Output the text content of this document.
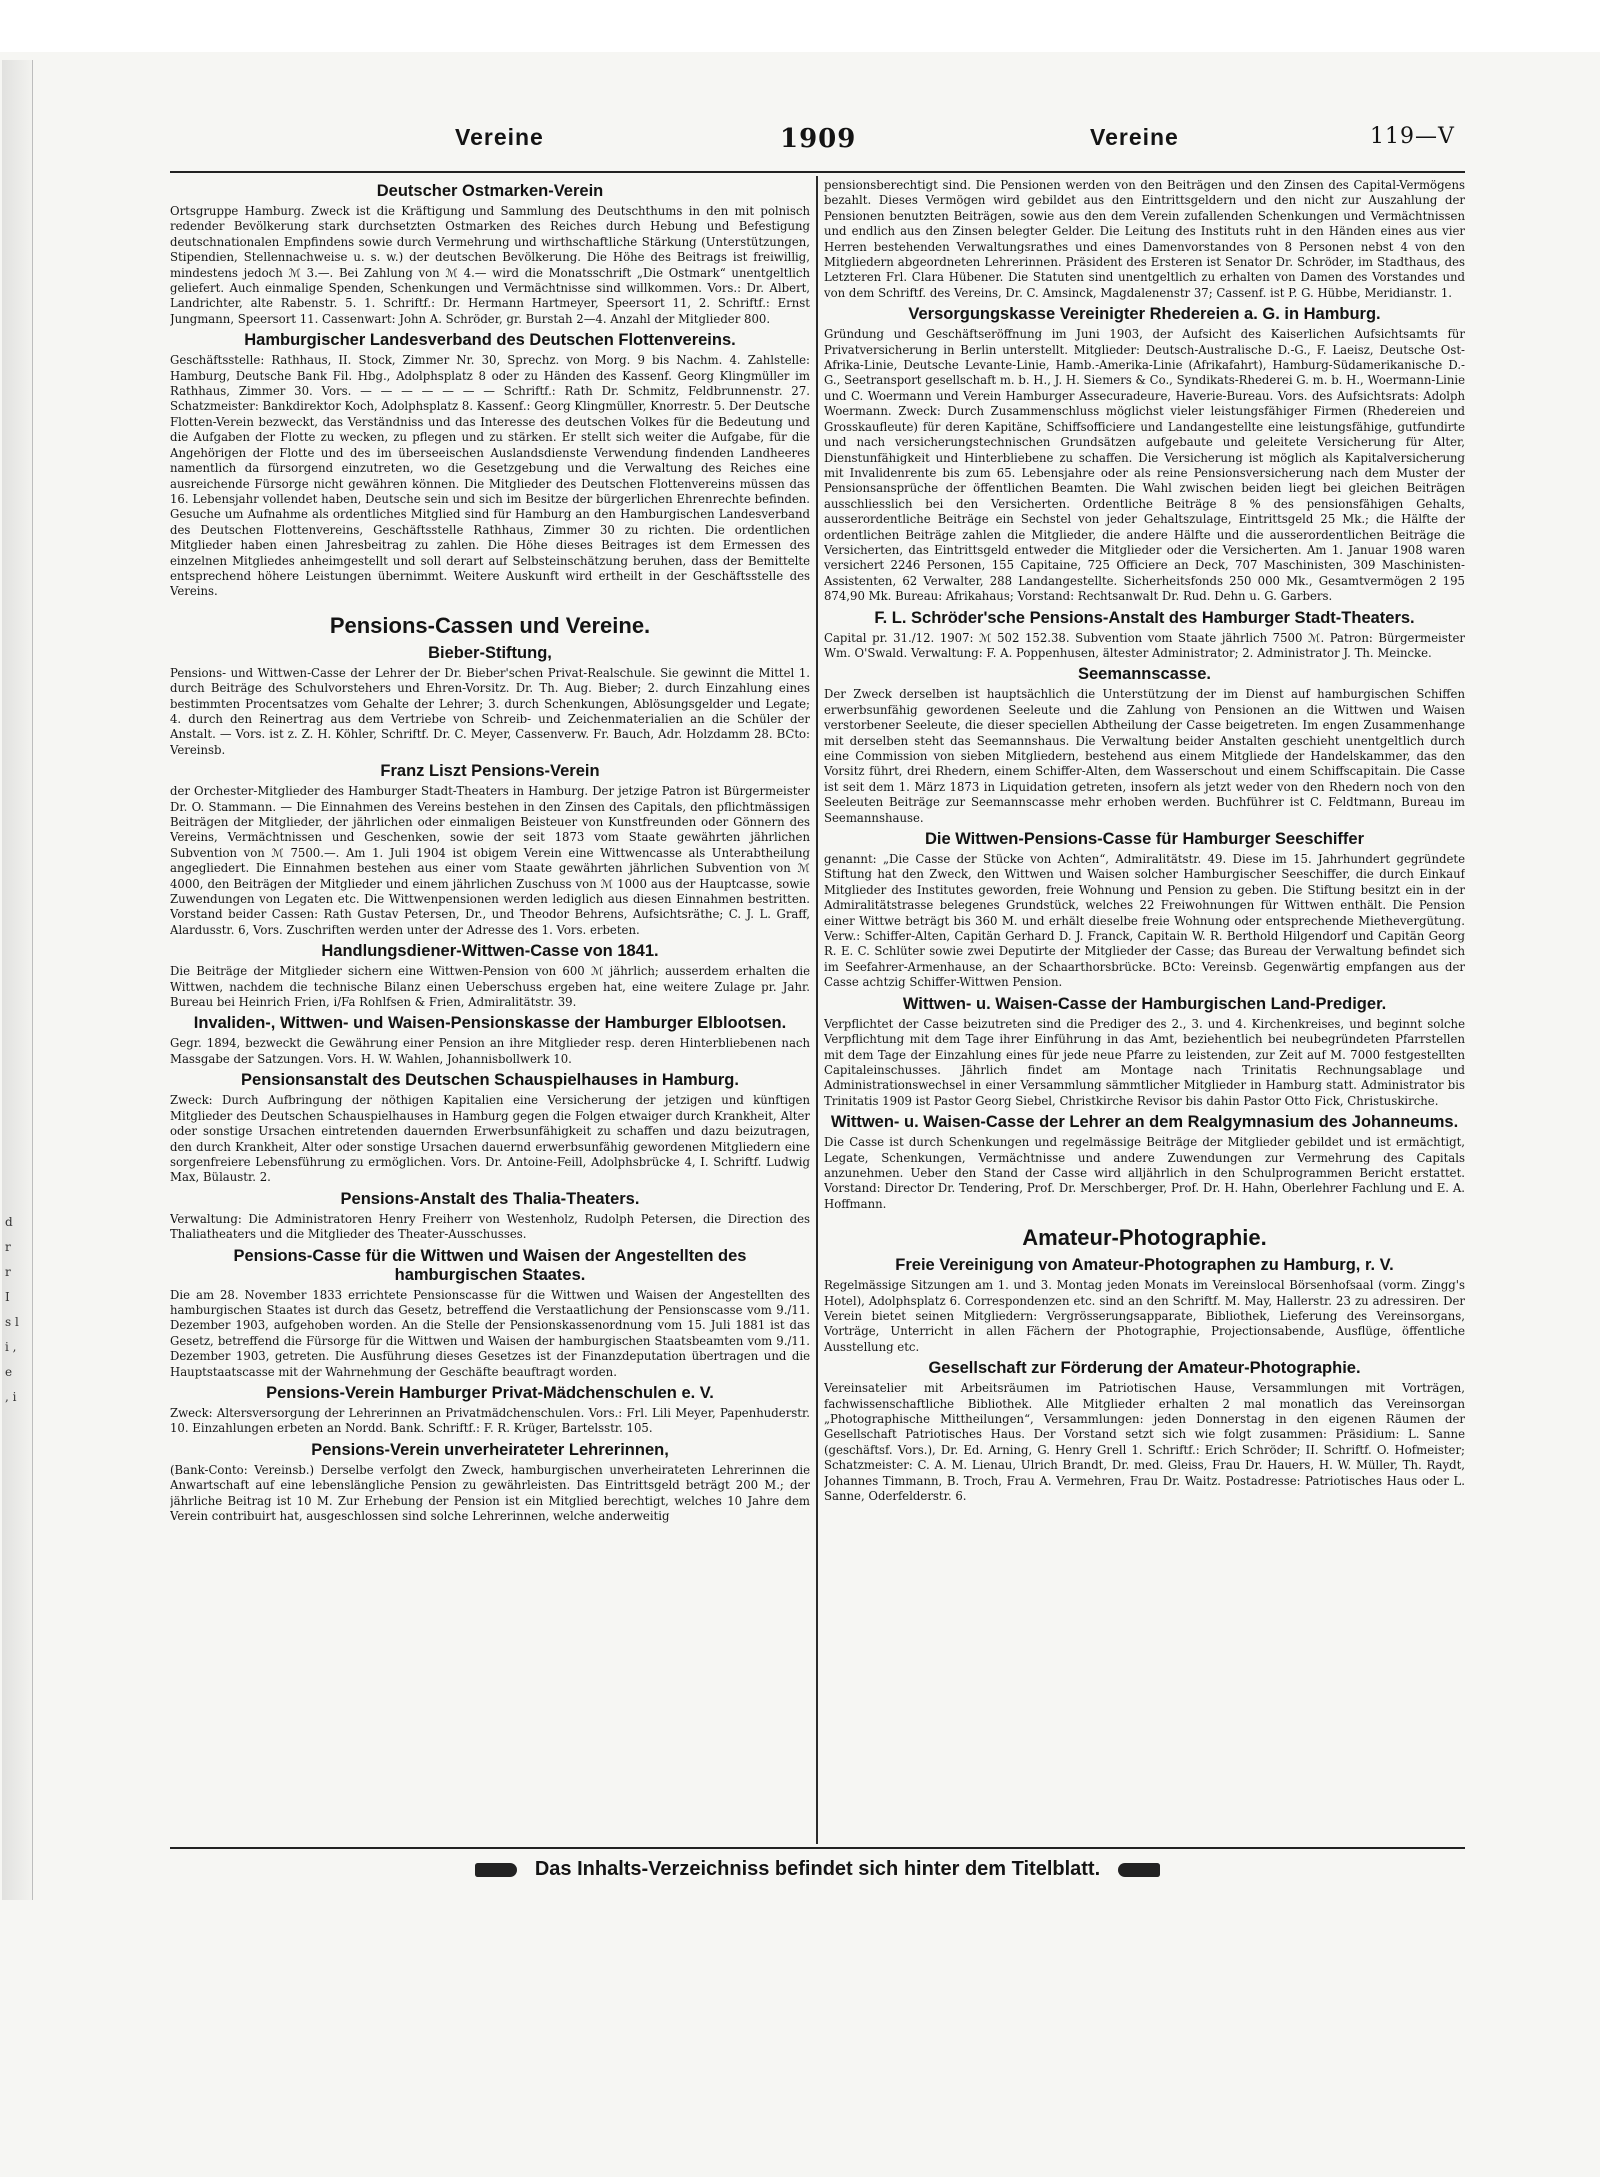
d r r I s l i , e , i
Vereine	1909	Vereine	119—V
Deutscher Ostmarken-Verein

Ortsgruppe Hamburg. Zweck ist die Kräftigung und Sammlung des Deutschthums in den mit polnisch redender Bevölkerung stark durchsetzten Ostmarken des Reiches durch Hebung und Befestigung deutschnationalen Empfindens sowie durch Vermehrung und wirthschaftliche Stärkung (Unterstützungen, Stipendien, Stellennachweise u. s. w.) der deutschen Bevölkerung. Die Höhe des Beitrags ist freiwillig, mindestens jedoch ℳ 3.—. Bei Zahlung von ℳ 4.— wird die Monatsschrift „Die Ostmark“ unentgeltlich geliefert. Auch einmalige Spenden, Schenkungen und Vermächtnisse sind willkommen. Vors.: Dr. Albert, Landrichter, alte Rabenstr. 5. 1. Schriftf.: Dr. Hermann Hartmeyer, Speersort 11, 2. Schriftf.: Ernst Jungmann, Speersort 11. Cassenwart: John A. Schröder, gr. Burstah 2—4. Anzahl der Mitglieder 800.

Hamburgischer Landesverband des Deutschen Flottenvereins.

Geschäftsstelle: Rathhaus, II. Stock, Zimmer Nr. 30, Sprechz. von Morg. 9 bis Nachm. 4. Zahlstelle: Hamburg, Deutsche Bank Fil. Hbg., Adolphsplatz 8 oder zu Händen des Kassenf. Georg Klingmüller im Rathhaus, Zimmer 30. Vors. — — — — — — — Schriftf.: Rath Dr. Schmitz, Feldbrunnenstr. 27. Schatzmeister: Bankdirektor Koch, Adolphsplatz 8. Kassenf.: Georg Klingmüller, Knorrestr. 5. Der Deutsche Flotten-Verein bezweckt, das Verständniss und das Interesse des deutschen Volkes für die Bedeutung und die Aufgaben der Flotte zu wecken, zu pflegen und zu stärken. Er stellt sich weiter die Aufgabe, für die Angehörigen der Flotte und des im überseeischen Auslandsdienste Verwendung findenden Landheeres namentlich da fürsorgend einzutreten, wo die Gesetzgebung und die Verwaltung des Reiches eine ausreichende Fürsorge nicht gewähren können. Die Mitglieder des Deutschen Flottenvereins müssen das 16. Lebensjahr vollendet haben, Deutsche sein und sich im Besitze der bürgerlichen Ehrenrechte befinden. Gesuche um Aufnahme als ordentliches Mitglied sind für Hamburg an den Hamburgischen Landesverband des Deutschen Flottenvereins, Geschäftsstelle Rathhaus, Zimmer 30 zu richten. Die ordentlichen Mitglieder haben einen Jahresbeitrag zu zahlen. Die Höhe dieses Beitrages ist dem Ermessen des einzelnen Mitgliedes anheimgestellt und soll derart auf Selbsteinschätzung beruhen, dass der Bemittelte entsprechend höhere Leistungen übernimmt. Weitere Auskunft wird ertheilt in der Geschäftsstelle des Vereins.

Pensions-Cassen und Vereine.
Bieber-Stiftung,

Pensions- und Wittwen-Casse der Lehrer der Dr. Bieber'schen Privat-Realschule. Sie gewinnt die Mittel 1. durch Beiträge des Schulvorstehers und Ehren-Vorsitz. Dr. Th. Aug. Bieber; 2. durch Einzahlung eines bestimmten Procentsatzes vom Gehalte der Lehrer; 3. durch Schenkungen, Ablösungsgelder und Legate; 4. durch den Reinertrag aus dem Vertriebe von Schreib- und Zeichenmaterialien an die Schüler der Anstalt. — Vors. ist z. Z. H. Köhler, Schriftf. Dr. C. Meyer, Cassenverw. Fr. Bauch, Adr. Holzdamm 28. BCto: Vereinsb.

Franz Liszt Pensions-Verein

der Orchester-Mitglieder des Hamburger Stadt-Theaters in Hamburg. Der jetzige Patron ist Bürgermeister Dr. O. Stammann. — Die Einnahmen des Vereins bestehen in den Zinsen des Capitals, den pflichtmässigen Beiträgen der Mitglieder, der jährlichen oder einmaligen Beisteuer von Kunstfreunden oder Gönnern des Vereins, Vermächtnissen und Geschenken, sowie der seit 1873 vom Staate gewährten jährlichen Subvention von ℳ 7500.—. Am 1. Juli 1904 ist obigem Verein eine Wittwencasse als Unterabtheilung angegliedert. Die Einnahmen bestehen aus einer vom Staate gewährten jährlichen Subvention von ℳ 4000, den Beiträgen der Mitglieder und einem jährlichen Zuschuss von ℳ 1000 aus der Hauptcasse, sowie Zuwendungen von Legaten etc. Die Wittwenpensionen werden lediglich aus diesen Einnahmen bestritten. Vorstand beider Cassen: Rath Gustav Petersen, Dr., und Theodor Behrens, Aufsichtsräthe; C. J. L. Graff, Alardusstr. 6, Vors. Zuschriften werden unter der Adresse des 1. Vors. erbeten.

Handlungsdiener-Wittwen-Casse von 1841.

Die Beiträge der Mitglieder sichern eine Wittwen-Pension von 600 ℳ jährlich; ausserdem erhalten die Wittwen, nachdem die technische Bilanz einen Ueberschuss ergeben hat, eine weitere Zulage pr. Jahr. Bureau bei Heinrich Frien, i/Fa Rohlfsen & Frien, Admiralitätstr. 39.

Invaliden-, Wittwen- und Waisen-Pensionskasse der Hamburger Elblootsen.

Gegr. 1894, bezweckt die Gewährung einer Pension an ihre Mitglieder resp. deren Hinterbliebenen nach Massgabe der Satzungen. Vors. H. W. Wahlen, Johannisbollwerk 10.

Pensionsanstalt des Deutschen Schauspielhauses in Hamburg.

Zweck: Durch Aufbringung der nöthigen Kapitalien eine Versicherung der jetzigen und künftigen Mitglieder des Deutschen Schauspielhauses in Hamburg gegen die Folgen etwaiger durch Krankheit, Alter oder sonstige Ursachen eintretenden dauernden Erwerbsunfähigkeit zu schaffen und dazu beizutragen, den durch Krankheit, Alter oder sonstige Ursachen dauernd erwerbsunfähig gewordenen Mitgliedern eine sorgenfreiere Lebensführung zu ermöglichen. Vors. Dr. Antoine-Feill, Adolphsbrücke 4, I. Schriftf. Ludwig Max, Bülaustr. 2.

Pensions-Anstalt des Thalia-Theaters.

Verwaltung: Die Administratoren Henry Freiherr von Westenholz, Rudolph Petersen, die Direction des Thaliatheaters und die Mitglieder des Theater-Ausschusses.

Pensions-Casse für die Wittwen und Waisen der Angestellten des hamburgischen Staates.

Die am 28. November 1833 errichtete Pensionscasse für die Wittwen und Waisen der Angestellten des hamburgischen Staates ist durch das Gesetz, betreffend die Verstaatlichung der Pensionscasse vom 9./11. Dezember 1903, aufgehoben worden. An die Stelle der Pensionskassenordnung vom 15. Juli 1881 ist das Gesetz, betreffend die Fürsorge für die Wittwen und Waisen der hamburgischen Staatsbeamten vom 9./11. Dezember 1903, getreten. Die Ausführung dieses Gesetzes ist der Finanzdeputation übertragen und die Hauptstaatscasse mit der Wahrnehmung der Geschäfte beauftragt worden.

Pensions-Verein Hamburger Privat-Mädchenschulen e. V.

Zweck: Altersversorgung der Lehrerinnen an Privatmädchenschulen. Vors.: Frl. Lili Meyer, Papenhuderstr. 10. Einzahlungen erbeten an Nordd. Bank. Schriftf.: F. R. Krüger, Bartelsstr. 105.

Pensions-Verein unverheirateter Lehrerinnen,

(Bank-Conto: Vereinsb.) Derselbe verfolgt den Zweck, hamburgischen unverheirateten Lehrerinnen die Anwartschaft auf eine lebenslängliche Pension zu gewährleisten. Das Eintrittsgeld beträgt 200 M.; der jährliche Beitrag ist 10 M. Zur Erhebung der Pension ist ein Mitglied berechtigt, welches 10 Jahre dem Verein contribuirt hat, ausgeschlossen sind solche Lehrerinnen, welche anderweitig

pensionsberechtigt sind. Die Pensionen werden von den Beiträgen und den Zinsen des Capital-Vermögens bezahlt. Dieses Vermögen wird gebildet aus den Eintrittsgeldern und den nicht zur Auszahlung der Pensionen benutzten Beiträgen, sowie aus den dem Verein zufallenden Schenkungen und Vermächtnissen und endlich aus den Zinsen belegter Gelder. Die Leitung des Instituts ruht in den Händen eines aus vier Herren bestehenden Verwaltungsrathes und eines Damenvorstandes von 8 Personen nebst 4 von den Mitgliedern abgeordneten Lehrerinnen. Präsident des Ersteren ist Senator Dr. Schröder, im Stadthaus, des Letzteren Frl. Clara Hübener. Die Statuten sind unentgeltlich zu erhalten von Damen des Vorstandes und von dem Schriftf. des Vereins, Dr. C. Amsinck, Magdalenenstr 37; Cassenf. ist P. G. Hübbe, Meridianstr. 1.

Versorgungskasse Vereinigter Rhedereien a. G. in Hamburg.

Gründung und Geschäftseröffnung im Juni 1903, der Aufsicht des Kaiserlichen Aufsichtsamts für Privatversicherung in Berlin unterstellt. Mitglieder: Deutsch-Australische D.-G., F. Laeisz, Deutsche Ost-Afrika-Linie, Deutsche Levante-Linie, Hamb.-Amerika-Linie (Afrikafahrt), Hamburg-Südamerikanische D.-G., Seetransport gesellschaft m. b. H., J. H. Siemers & Co., Syndikats-Rhederei G. m. b. H., Woermann-Linie und C. Woermann und Verein Hamburger Assecuradeure, Haverie-Bureau. Vors. des Aufsichtsrats: Adolph Woermann. Zweck: Durch Zusammenschluss möglichst vieler leistungsfähiger Firmen (Rhedereien und Grosskaufleute) für deren Kapitäne, Schiffsofficiere und Landangestellte eine leistungsfähige, gutfundirte und nach versicherungstechnischen Grundsätzen aufgebaute und geleitete Versicherung für Alter, Dienstunfähigkeit und Hinterbliebene zu schaffen. Die Versicherung ist möglich als Kapitalversicherung mit Invalidenrente bis zum 65. Lebensjahre oder als reine Pensionsversicherung nach dem Muster der Pensionsansprüche der öffentlichen Beamten. Die Wahl zwischen beiden liegt bei gleichen Beiträgen ausschliesslich bei den Versicherten. Ordentliche Beiträge 8 % des pensionsfähigen Gehalts, ausserordentliche Beiträge ein Sechstel von jeder Gehaltszulage, Eintrittsgeld 25 Mk.; die Hälfte der ordentlichen Beiträge zahlen die Mitglieder, die andere Hälfte und die ausserordentlichen Beiträge die Versicherten, das Eintrittsgeld entweder die Mitglieder oder die Versicherten. Am 1. Januar 1908 waren versichert 2246 Personen, 155 Capitaine, 725 Officiere an Deck, 707 Maschinisten, 309 Maschinisten-Assistenten, 62 Verwalter, 288 Landangestellte. Sicherheitsfonds 250 000 Mk., Gesamtvermögen 2 195 874,90 Mk. Bureau: Afrikahaus; Vorstand: Rechtsanwalt Dr. Rud. Dehn u. G. Garbers.

F. L. Schröder'sche Pensions-Anstalt des Hamburger Stadt-Theaters.

Capital pr. 31./12. 1907: ℳ 502 152.38. Subvention vom Staate jährlich 7500 ℳ. Patron: Bürgermeister Wm. O'Swald. Verwaltung: F. A. Poppenhusen, ältester Administrator; 2. Administrator J. Th. Meincke.

Seemannscasse.

Der Zweck derselben ist hauptsächlich die Unterstützung der im Dienst auf hamburgischen Schiffen erwerbsunfähig gewordenen Seeleute und die Zahlung von Pensionen an die Wittwen und Waisen verstorbener Seeleute, die dieser speciellen Abtheilung der Casse beigetreten. Im engen Zusammenhange mit derselben steht das Seemannshaus. Die Verwaltung beider Anstalten geschieht unentgeltlich durch eine Commission von sieben Mitgliedern, bestehend aus einem Mitgliede der Handelskammer, das den Vorsitz führt, drei Rhedern, einem Schiffer-Alten, dem Wasserschout und einem Schiffscapitain. Die Casse ist seit dem 1. März 1873 in Liquidation getreten, insofern als jetzt weder von den Rhedern noch von den Seeleuten Beiträge zur Seemannscasse mehr erhoben werden. Buchführer ist C. Feldtmann, Bureau im Seemannshause.

Die Wittwen-Pensions-Casse für Hamburger Seeschiffer

genannt: „Die Casse der Stücke von Achten“, Admiralitätstr. 49. Diese im 15. Jahrhundert gegründete Stiftung hat den Zweck, den Wittwen und Waisen solcher Hamburgischer Seeschiffer, die durch Einkauf Mitglieder des Institutes geworden, freie Wohnung und Pension zu geben. Die Stiftung besitzt ein in der Admiralitätstrasse belegenes Grundstück, welches 22 Freiwohnungen für Wittwen enthält. Die Pension einer Wittwe beträgt bis 360 M. und erhält dieselbe freie Wohnung oder entsprechende Miethevergütung. Verw.: Schiffer-Alten, Capitän Gerhard D. J. Franck, Capitain W. R. Berthold Hilgendorf und Capitän Georg R. E. C. Schlüter sowie zwei Deputirte der Mitglieder der Casse; das Bureau der Verwaltung befindet sich im Seefahrer-Armenhause, an der Schaarthorsbrücke. BCto: Vereinsb. Gegenwärtig empfangen aus der Casse achtzig Schiffer-Wittwen Pension.

Wittwen- u. Waisen-Casse der Hamburgischen Land-Prediger.

Verpflichtet der Casse beizutreten sind die Prediger des 2., 3. und 4. Kirchenkreises, und beginnt solche Verpflichtung mit dem Tage ihrer Einführung in das Amt, beziehentlich bei neubegründeten Pfarrstellen mit dem Tage der Einzahlung eines für jede neue Pfarre zu leistenden, zur Zeit auf M. 7000 festgestellten Capitaleinschusses. Jährlich findet am Montage nach Trinitatis Rechnungsablage und Administrationswechsel in einer Versammlung sämmtlicher Mitglieder in Hamburg statt. Administrator bis Trinitatis 1909 ist Pastor Georg Siebel, Christkirche Revisor bis dahin Pastor Otto Fick, Christuskirche.

Wittwen- u. Waisen-Casse der Lehrer an dem Realgymnasium des Johanneums.

Die Casse ist durch Schenkungen und regelmässige Beiträge der Mitglieder gebildet und ist ermächtigt, Legate, Schenkungen, Vermächtnisse und andere Zuwendungen zur Vermehrung des Capitals anzunehmen. Ueber den Stand der Casse wird alljährlich in den Schulprogrammen Bericht erstattet. Vorstand: Director Dr. Tendering, Prof. Dr. Merschberger, Prof. Dr. H. Hahn, Oberlehrer Fachlung und E. A. Hoffmann.

Amateur-Photographie.
Freie Vereinigung von Amateur-Photographen zu Hamburg, r. V.

Regelmässige Sitzungen am 1. und 3. Montag jeden Monats im Vereinslocal Börsenhofsaal (vorm. Zingg's Hotel), Adolphsplatz 6. Correspondenzen etc. sind an den Schriftf. M. May, Hallerstr. 23 zu adressiren. Der Verein bietet seinen Mitgliedern: Vergrösserungsapparate, Bibliothek, Lieferung des Vereinsorgans, Vorträge, Unterricht in allen Fächern der Photographie, Projectionsabende, Ausflüge, öffentliche Ausstellung etc.

Gesellschaft zur Förderung der Amateur-Photographie.

Vereinsatelier mit Arbeitsräumen im Patriotischen Hause, Versammlungen mit Vorträgen, fachwissenschaftliche Bibliothek. Alle Mitglieder erhalten 2 mal monatlich das Vereinsorgan „Photographische Mittheilungen“, Versammlungen: jeden Donnerstag in den eigenen Räumen der Gesellschaft Patriotisches Haus. Der Vorstand setzt sich wie folgt zusammen: Präsidium: L. Sanne (geschäftsf. Vors.), Dr. Ed. Arning, G. Henry Grell 1. Schriftf.: Erich Schröder; II. Schriftf. O. Hofmeister; Schatzmeister: C. A. M. Lienau, Ulrich Brandt, Dr. med. Gleiss, Frau Dr. Hauers, H. W. Müller, Th. Raydt, Johannes Timmann, B. Troch, Frau A. Vermehren, Frau Dr. Waitz. Postadresse: Patriotisches Haus oder L. Sanne, Oderfelderstr. 6.

Das Inhalts-Verzeichniss befindet sich hinter dem Titelblatt.
